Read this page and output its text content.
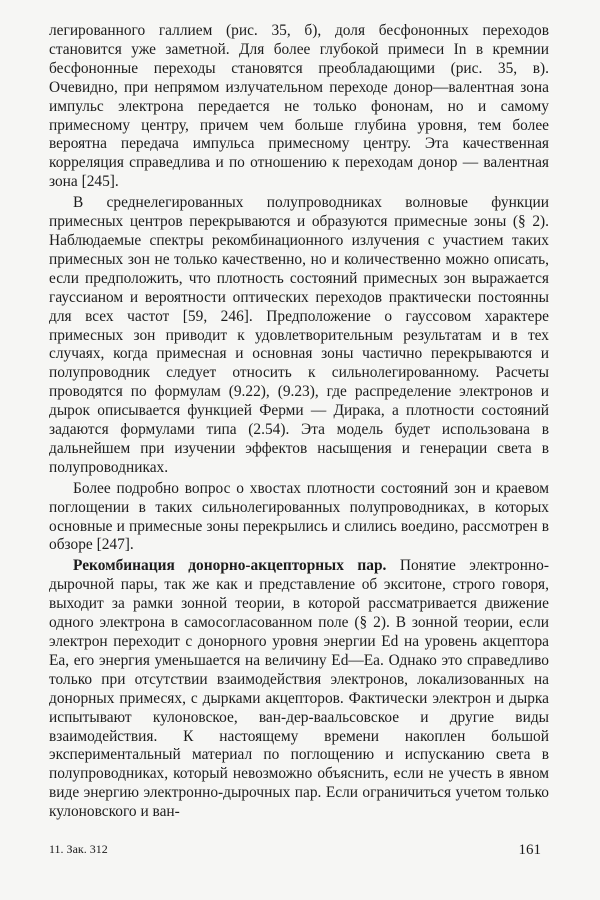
легированного галлием (рис. 35, б), доля бесфононных переходов становится уже заметной. Для более глубокой примеси In в кремнии бесфононные переходы становятся преобладающими (рис. 35, в). Очевидно, при непрямом излучательном переходе донор—валентная зона импульс электрона передается не только фононам, но и самому примесному центру, причем чем больше глубина уровня, тем более вероятна передача импульса примесному центру. Эта качественная корреляция справедлива и по отношению к переходам донор — валентная зона [245].

В среднелегированных полупроводниках волновые функции примесных центров перекрываются и образуются примесные зоны (§ 2). Наблюдаемые спектры рекомбинационного излучения с участием таких примесных зон не только качественно, но и количественно можно описать, если предположить, что плотность состояний примесных зон выражается гауссианом и вероятности оптических переходов практически постоянны для всех частот [59, 246]. Предположение о гауссовом характере примесных зон приводит к удовлетворительным результатам и в тех случаях, когда примесная и основная зоны частично перекрываются и полупроводник следует относить к сильнолегированному. Расчеты проводятся по формулам (9.22), (9.23), где распределение электронов и дырок описывается функцией Ферми — Дирака, а плотности состояний задаются формулами типа (2.54). Эта модель будет использована в дальнейшем при изучении эффектов насыщения и генерации света в полупроводниках.

Более подробно вопрос о хвостах плотности состояний зон и краевом поглощении в таких сильнолегированных полупроводниках, в которых основные и примесные зоны перекрылись и слились воедино, рассмотрен в обзоре [247].

Рекомбинация донорно-акцепторных пар. Понятие электронно-дырочной пары, так же как и представление об экситоне, строго говоря, выходит за рамки зонной теории, в которой рассматривается движение одного электрона в самосогласованном поле (§ 2). В зонной теории, если электрон переходит с донорного уровня энергии Ed на уровень акцептора Ea, его энергия уменьшается на величину Ed—Ea. Однако это справедливо только при отсутствии взаимодействия электронов, локализованных на донорных примесях, с дырками акцепторов. Фактически электрон и дырка испытывают кулоновское, ван-дер-ваальсовское и другие виды взаимодействия. К настоящему времени накоплен большой экспериментальный материал по поглощению и испусканию света в полупроводниках, который невозможно объяснить, если не учесть в явном виде энергию электронно-дырочных пар. Если ограничиться учетом только кулоновского и ван-

11. Зак. 312	161
